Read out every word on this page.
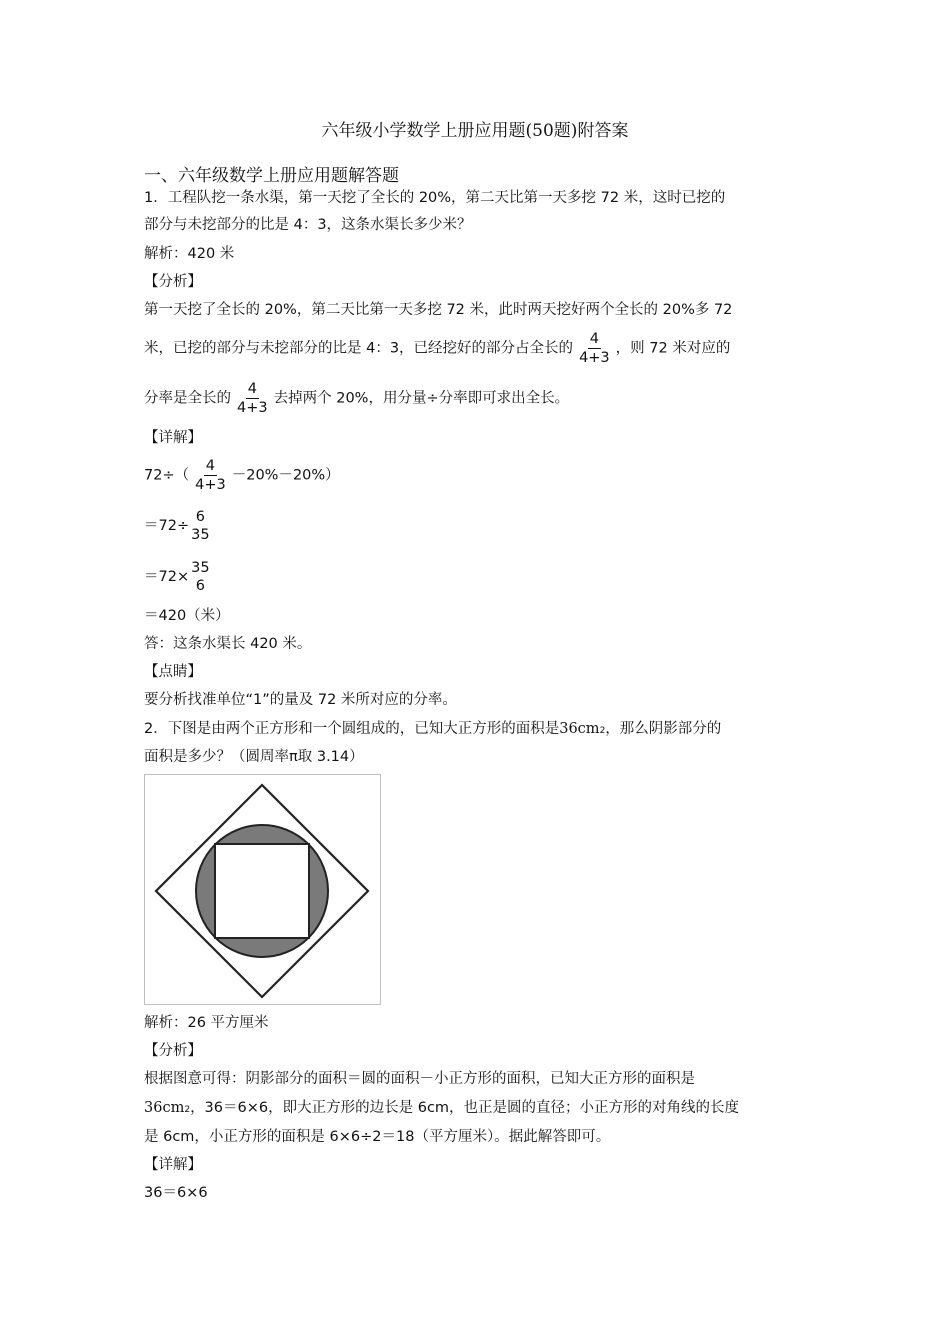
六年级小学数学上册应用题(50题)附答案
一、六年级数学上册应用题解答题
1．工程队挖一条水渠，第一天挖了全长的 20%，第二天比第一天多挖 72 米，这时已挖的
部分与未挖部分的比是 4：3，这条水渠长多少米？
解析：420 米
【分析】
第一天挖了全长的 20%，第二天比第一天多挖 72 米，此时两天挖好两个全长的 20%多 72
米，已挖的部分与未挖部分的比是 4：3，已经挖好的部分占全长的 $\frac{4}{4+3}$ ，则 72 米对应的
分率是全长的 $\frac{4}{4+3}$ 去掉两个 20%，用分量÷分率即可求出全长。
【详解】
$72\div( \frac{4}{4+3} -20\%-20\%)$
＝72÷
6
35
＝72×
35
6
＝420（米）
答：这条水渠长 420 米。
【点睛】
要分析找准单位“1”的量及 72 米所对应的分率。
2．下图是由两个正方形和一个圆组成的，已知大正方形的面积是$36cm^2$，那么阴影部分的
面积是多少？（圆周率π取 3.14）
解析：26 平方厘米
【分析】
根据图意可得：阴影部分的面积＝圆的面积－小正方形的面积，已知大正方形的面积是
$36cm^2$，36＝6×6，即大正方形的边长是 6cm，也正是圆的直径；小正方形的对角线的长度
是 6cm，小正方形的面积是 6×6÷2＝18（平方厘米）。据此解答即可。
【详解】
36＝6×6
